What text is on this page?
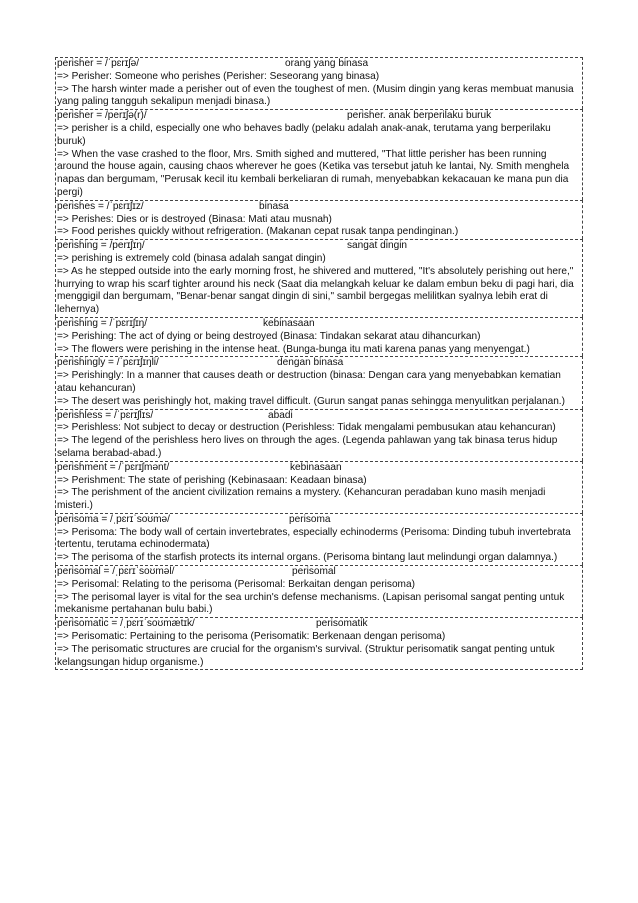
perisher = /ˈpɛrɪʃə/	orang yang binasa
=> Perisher: Someone who perishes (Perisher: Seseorang yang binasa)
=> The harsh winter made a perisher out of even the toughest of men. (Musim dingin yang keras membuat manusia yang paling tangguh sekalipun menjadi binasa.)
perisher = /perɪʃə(r)/	perisher. anak berperilaku buruk
=> perisher is a child, especially one who behaves badly (pelaku adalah anak-anak, terutama yang berperilaku buruk)
=> When the vase crashed to the floor, Mrs. Smith sighed and muttered, "That little perisher has been running around the house again, causing chaos wherever he goes (Ketika vas tersebut jatuh ke lantai, Ny. Smith menghela napas dan bergumam, "Perusak kecil itu kembali berkeliaran di rumah, menyebabkan kekacauan ke mana pun dia pergi)
perishes = /ˈpɛrɪʃɪz/	binasa
=> Perishes: Dies or is destroyed (Binasa: Mati atau musnah)
=> Food perishes quickly without refrigeration. (Makanan cepat rusak tanpa pendinginan.)
perishing = /perɪʃɪŋ/	sangat dingin
=> perishing is extremely cold (binasa adalah sangat dingin)
=> As he stepped outside into the early morning frost, he shivered and muttered, "It's absolutely perishing out here," hurrying to wrap his scarf tighter around his neck (Saat dia melangkah keluar ke dalam embun beku di pagi hari, dia menggigil dan bergumam, "Benar-benar sangat dingin di sini," sambil bergegas melilitkan syalnya lebih erat di lehernya)
perishing = /ˈpɛrɪʃɪŋ/	kebinasaan
=> Perishing: The act of dying or being destroyed (Binasa: Tindakan sekarat atau dihancurkan)
=> The flowers were perishing in the intense heat. (Bunga-bunga itu mati karena panas yang menyengat.)
perishingly = /ˈpɛrɪʃɪŋli/	dengan binasa
=> Perishingly: In a manner that causes death or destruction (binasa: Dengan cara yang menyebabkan kematian atau kehancuran)
=> The desert was perishingly hot, making travel difficult. (Gurun sangat panas sehingga menyulitkan perjalanan.)
perishless = /ˈpɛrɪʃlɪs/	abadi
=> Perishless: Not subject to decay or destruction (Perishless: Tidak mengalami pembusukan atau kehancuran)
=> The legend of the perishless hero lives on through the ages. (Legenda pahlawan yang tak binasa terus hidup selama berabad-abad.)
perishment = /ˈpɛrɪʃmənt/	kebinasaan
=> Perishment: The state of perishing (Kebinasaan: Keadaan binasa)
=> The perishment of the ancient civilization remains a mystery. (Kehancuran peradaban kuno masih menjadi misteri.)
perisoma = /ˌpɛrɪˈsoʊmə/	perisoma
=> Perisoma: The body wall of certain invertebrates, especially echinoderms (Perisoma: Dinding tubuh invertebrata tertentu, terutama echinodermata)
=> The perisoma of the starfish protects its internal organs. (Perisoma bintang laut melindungi organ dalamnya.)
perisomal = /ˌpɛrɪˈsoʊməl/	perisomal
=> Perisomal: Relating to the perisoma (Perisomal: Berkaitan dengan perisoma)
=> The perisomal layer is vital for the sea urchin's defense mechanisms. (Lapisan perisomal sangat penting untuk mekanisme pertahanan bulu babi.)
perisomatic = /ˌpɛrɪˈsoʊmætɪk/	perisomatik
=> Perisomatic: Pertaining to the perisoma (Perisomatik: Berkenaan dengan perisoma)
=> The perisomatic structures are crucial for the organism's survival. (Struktur perisomatik sangat penting untuk kelangsungan hidup organisme.)
